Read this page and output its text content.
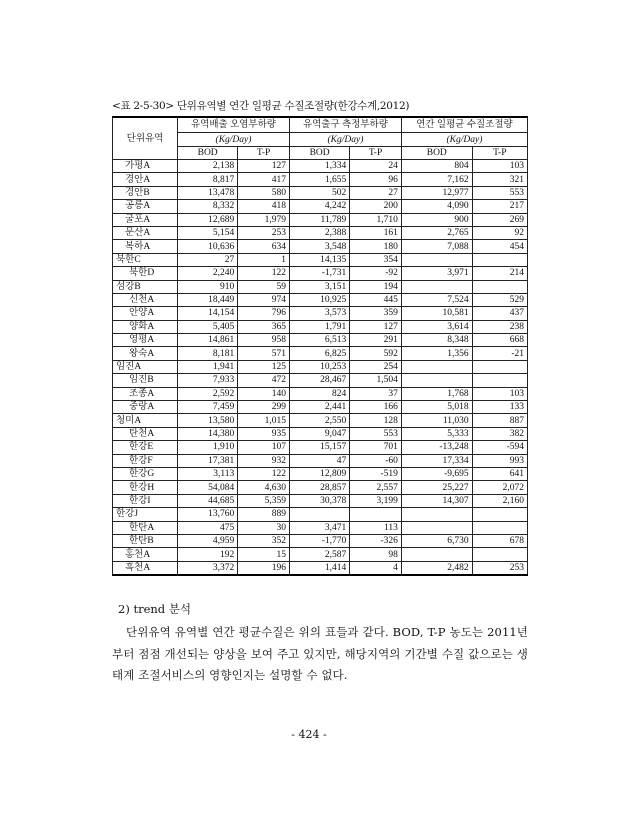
<표 2-5-30> 단위유역별 연간 일평균 수질조절량(한강수계,2012)
단위유역	유역배출 오염부하량		유역출구 측정부하량		연간 일평균 수질조절량	
	(Kg/Day)		(Kg/Day)		(Kg/Day)	
	BOD	T-P	BOD	T-P	BOD	T-P
가평A	2,138	127	1,334	24	804	103
경안A	8,817	417	1,655	96	7,162	321
경안B	13,478	580	502	27	12,977	553
공릉A	8,332	418	4,242	200	4,090	217
굴포A	12,689	1,979	11,789	1,710	900	269
문산A	5,154	253	2,388	161	2,765	92
복하A	10,636	634	3,548	180	7,088	454
북한C	27	1	14,135	354		
북한D	2,240	122	-1,731	-92	3,971	214
섬강B	910	59	3,151	194		
신천A	18,449	974	10,925	445	7,524	529
안양A	14,154	796	3,573	359	10,581	437
양화A	5,405	365	1,791	127	3,614	238
영평A	14,861	958	6,513	291	8,348	668
왕숙A	8,181	571	6,825	592	1,356	-21
임진A	1,941	125	10,253	254		
임진B	7,933	472	28,467	1,504		
조종A	2,592	140	824	37	1,768	103
중랑A	7,459	299	2,441	166	5,018	133
청미A	13,580	1,015	2,550	128	11,030	887
탄천A	14,380	935	9,047	553	5,333	382
한강E	1,910	107	15,157	701	-13,248	-594
한강F	17,381	932	47	-60	17,334	993
한강G	3,113	122	12,809	-519	-9,695	641
한강H	54,084	4,630	28,857	2,557	25,227	2,072
한강I	44,685	5,359	30,378	3,199	14,307	2,160
한강J	13,760	889				
한탄A	475	30	3,471	113		
한탄B	4,959	352	-1,770	-326	6,730	678
홍천A	192	15	2,587	98		
흑천A	3,372	196	1,414	4	2,482	253
2) trend 분석
단위유역 유역별 연간 평균수질은 위의 표들과 같다. BOD, T-P 농도는 2011년부터 점점 개선되는 양상을 보여 주고 있지만, 해당지역의 기간별 수질 값으로는 생태계 조절서비스의 영향인지는 설명할 수 없다.
- 424 -
